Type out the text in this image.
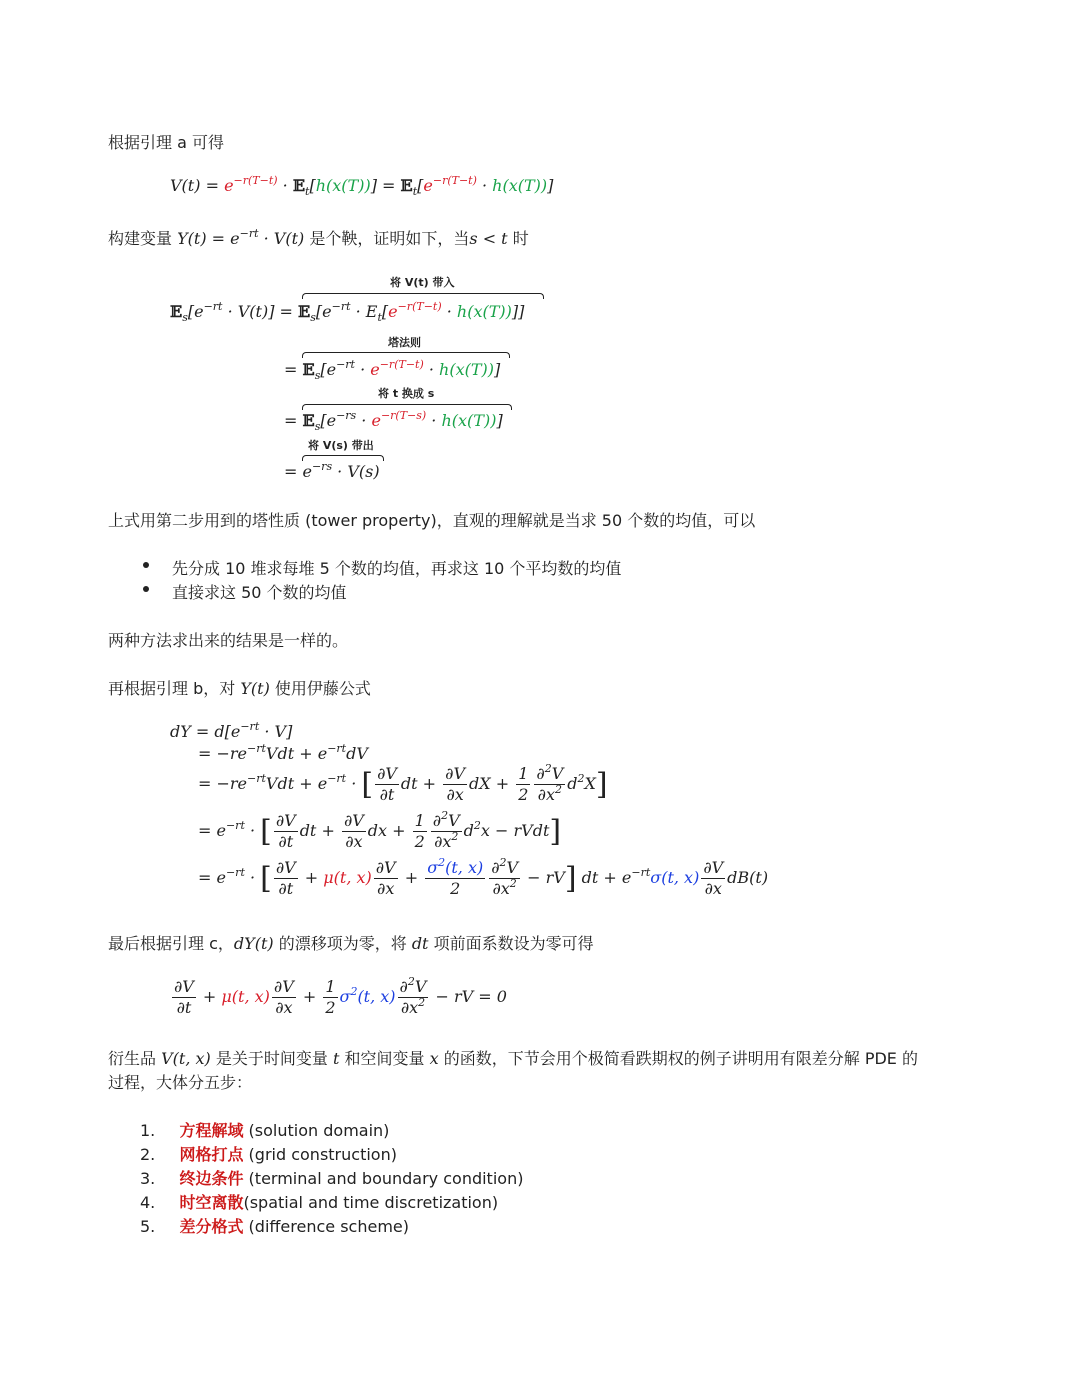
根据引理 a 可得
$V(t) = e^{-r(T-t)}$ · 𝔼$_t$[h(x(T))] = $𝔼_t[e^{-r(T-t)} \cdot h(x(T))]$
构建变量 $Y(t) = e^{-rt} \cdot V(t)$ 是个鞅，证明如下，当s < t 时
将 V(t) 带入
$𝔼_s[e^{-rt} \cdot V(t)]$ = $𝔼_s[e^{-rt} \cdot E_t[e^{-r(T-t)} \cdot h(x(T))]]$
塔法则
= $𝔼_s[e^{-rt} \cdot e^{-r(T-t)} \cdot h(x(T))]$
将 t 换成 s
= $𝔼_s[e^{-rs} \cdot e^{-r(T-s)} \cdot h(x(T))]$
将 V(s) 带出
= $e^{-rs} \cdot V(s)$
上式用第二步用到的塔性质 (tower property)，直观的理解就是当求 50 个数的均值，可以
先分成 10 堆求每堆 5 个数的均值，再求这 10 个平均数的均值
直接求这 50 个数的均值
两种方法求出来的结果是一样的。
再根据引理 b，对 Y(t) 使用伊藤公式
dY = $d[e^{-rt} \cdot V]$
= $-re^{-rt}Vdt + e^{-rt}dV$
= $-re^{-rt}Vdt + e^{-rt}$ · [ $\frac{\partial V}{\partial t}$ dt + $\frac{\partial V}{\partial x}$ dX + $\frac{1}{2} \frac{\partial^2V}{\partial x^2} d^2X$]
= $e^{-rt}$ · [ $\frac{\partial V}{\partial t}$ dt + $\frac{\partial V}{\partial x}$ dx + $\frac{1}{2} \frac{\partial^2V}{\partial x^2} d^2x$ − rVdt]
= $e^{-rt}$ · [ $\frac{\partial V}{\partial t} + \mu(t$, $x) \frac{\partial V}{\partial x} + \frac{\sigma^2(t, x)}{2} \frac{\partial^2V}{\partial x^2} - rV$] dt + $e^{-rt}\sigma(t$, $x) \frac{\partial V}{\partial x} dB(t)$
最后根据引理 c，dY(t) 的漂移项为零，将 dt 项前面系数设为零可得
$\frac{\partial V}{\partial t} + \mu(t$, $x) \frac{\partial V}{\partial x} + \frac{1}{2} \sigma^2(t$, $x) \frac{\partial^2V}{\partial x^2}$ − rV = 0
衍生品 V(t, x) 是关于时间变量 t 和空间变量 x 的函数，下节会用个极简看跌期权的例子讲明用有限差分解 PDE 的
过程，大体分五步：
1. 方程解域 (solution domain)
2. 网格打点 (grid construction)
3. 终边条件 (terminal and boundary condition)
4. 时空离散(spatial and time discretization)
5. 差分格式 (difference scheme)
